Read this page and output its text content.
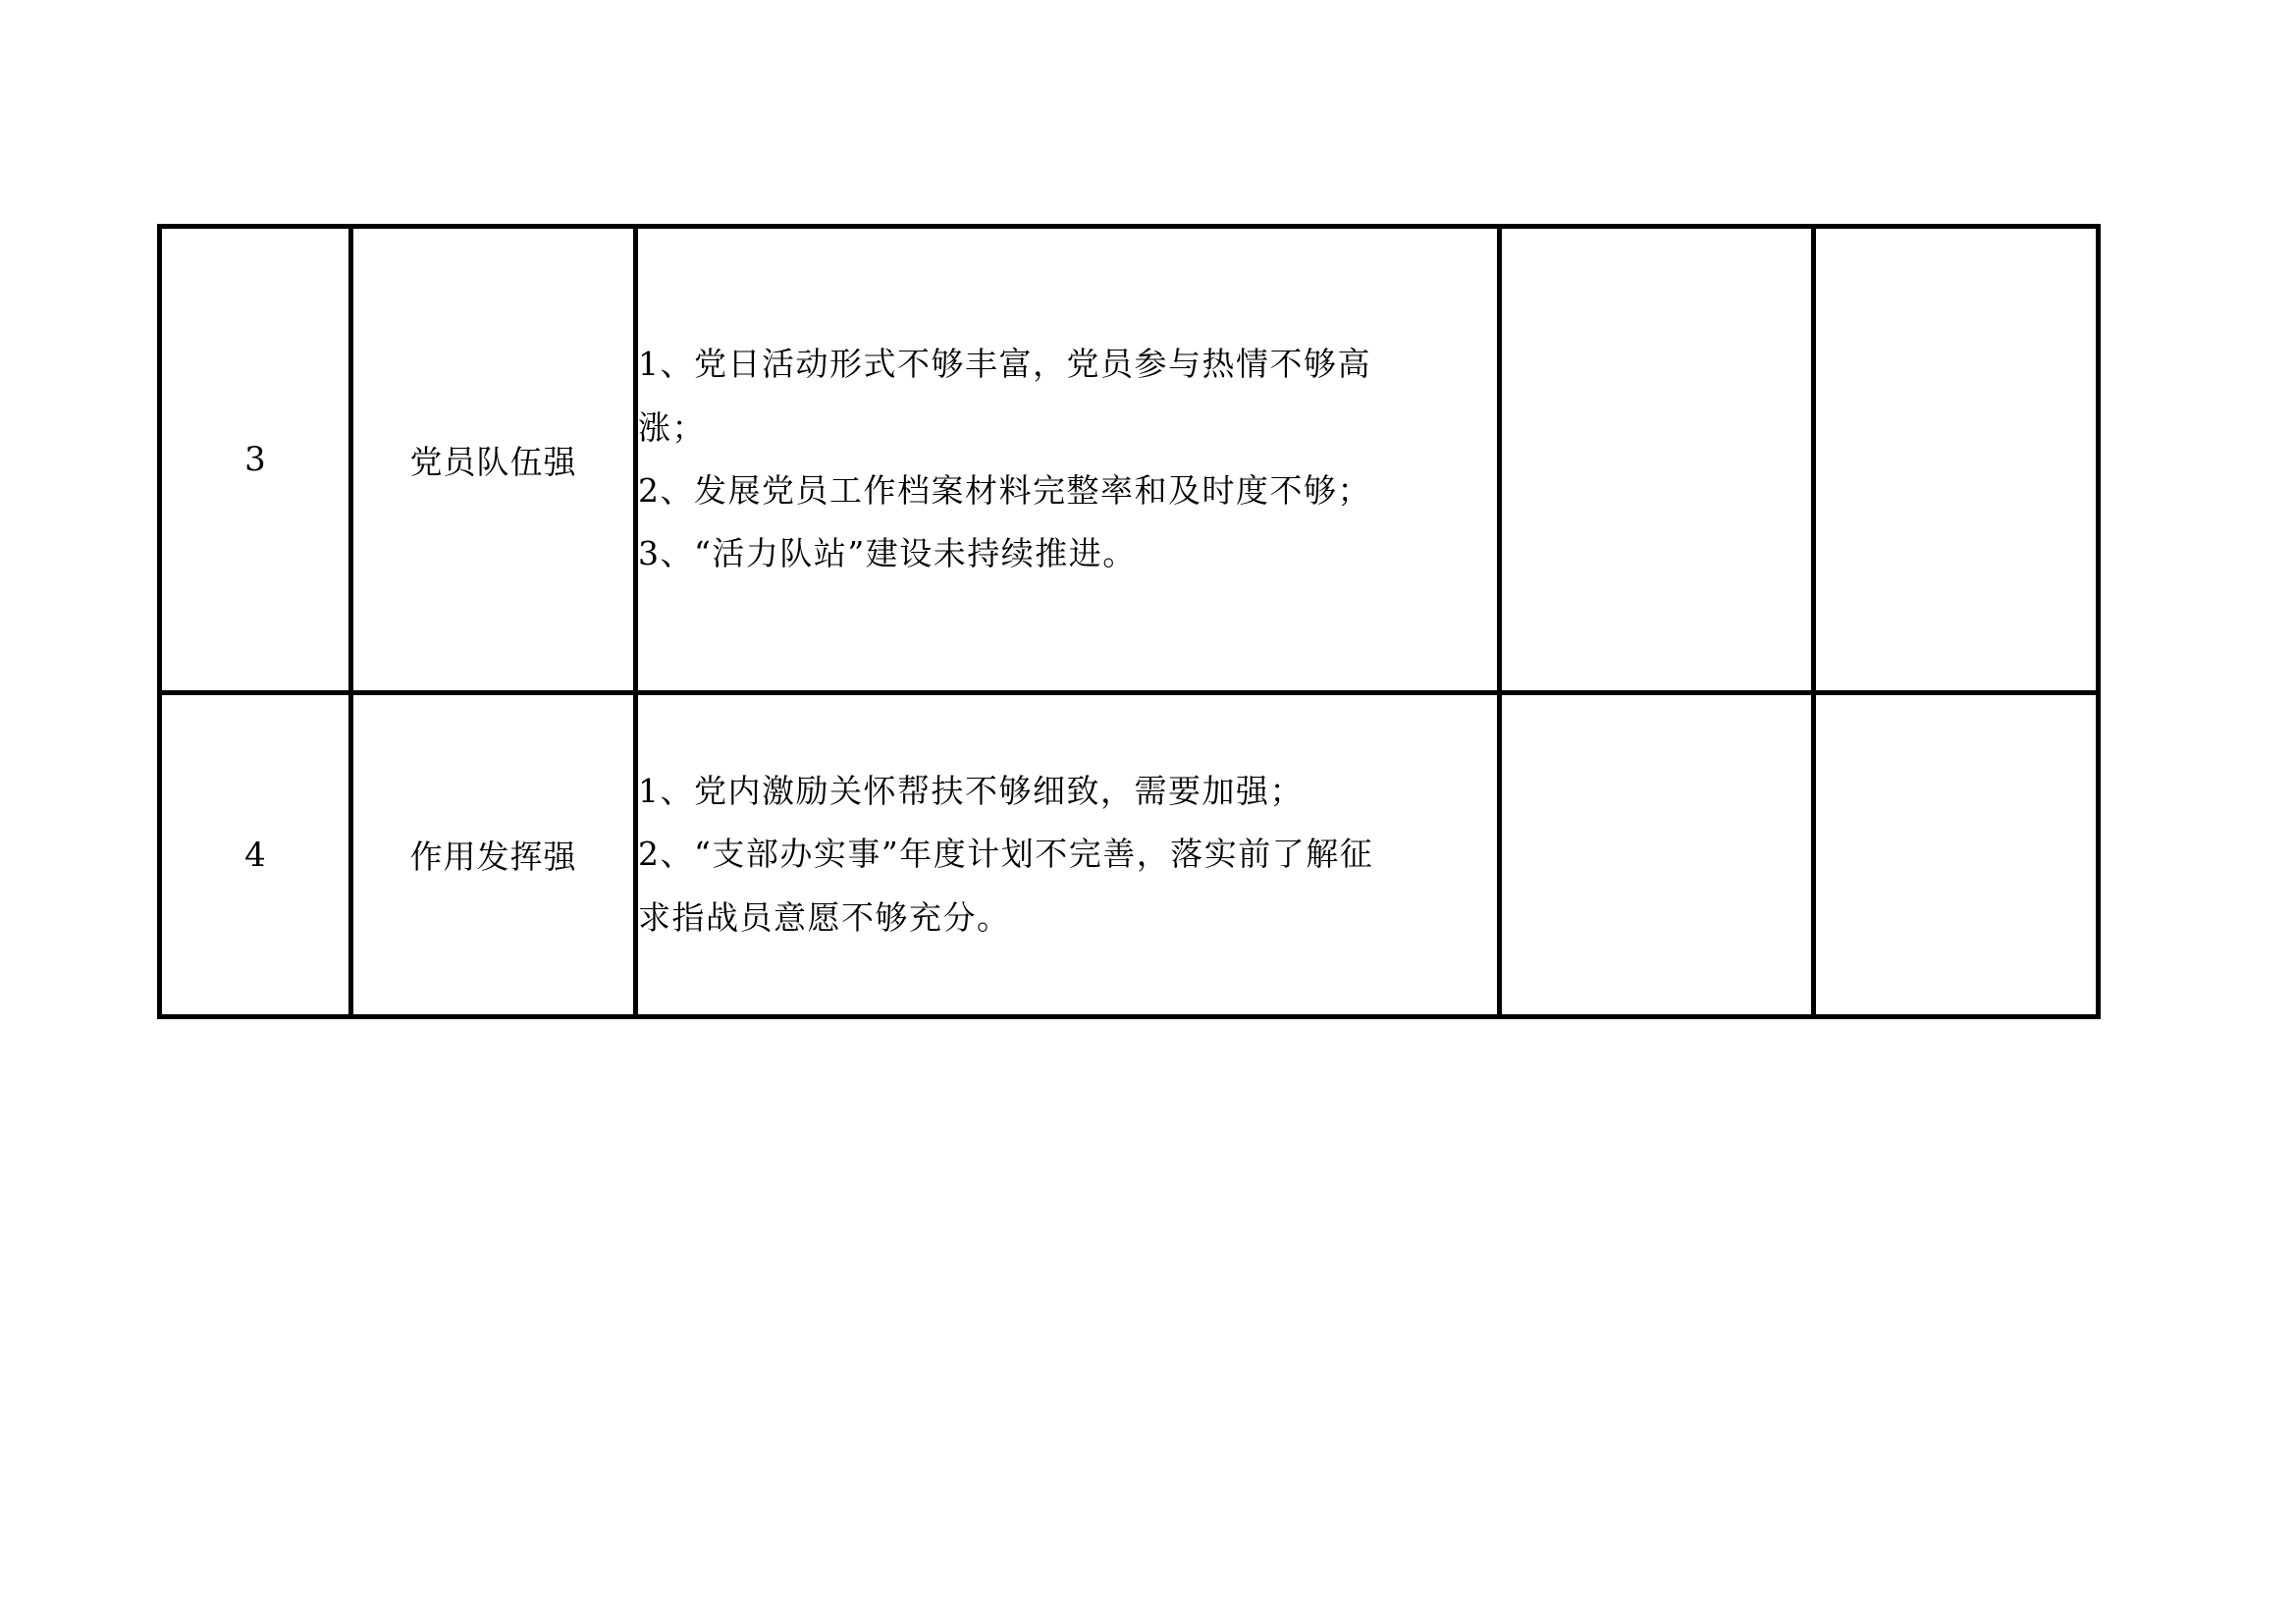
3	党员队伍强	1、党日活动形式不够丰富，党员参与热情不够高

涨；

2、发展党员工作档案材料完整率和及时度不够；

3、“活力队站”建设未持续推进。		

4	作用发挥强	1、党内激励关怀帮扶不够细致，需要加强；

2、“支部办实事”年度计划不完善，落实前了解征

求指战员意愿不够充分。		
